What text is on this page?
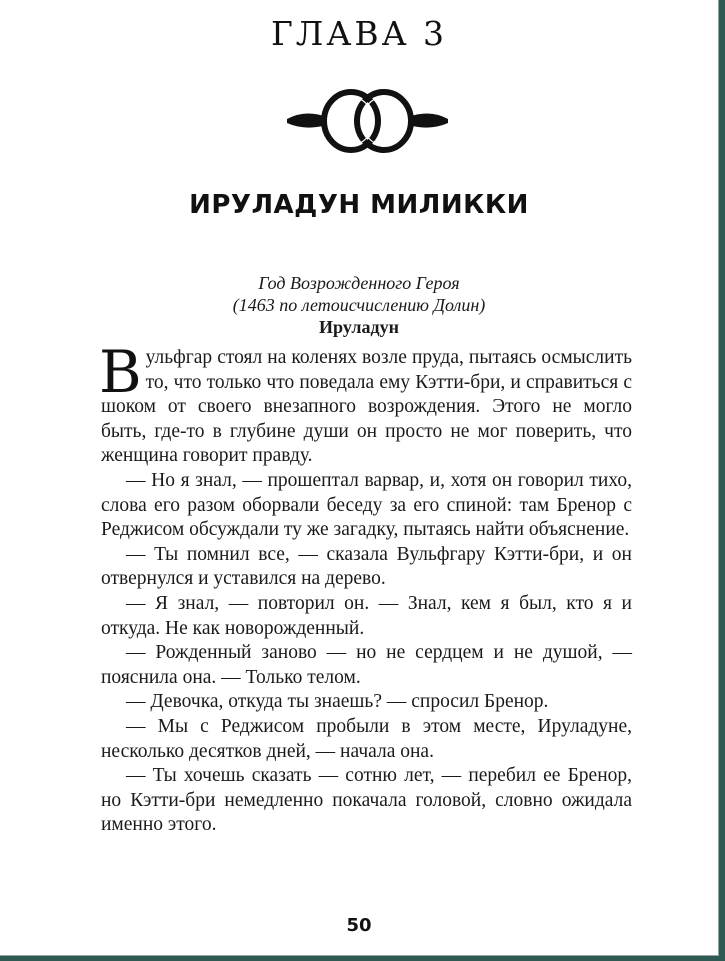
ГЛАВА 3
ИРУЛАДУН МИЛИККИ
Год Возрожденного Героя
(1463 по летоисчислению Долин)
Ируладун

Вульфгар стоял на коленях возле пруда, пытаясь осмыслить то, что только что поведала ему Кэтти-бри, и справиться с шоком от своего внезапного возрождения. Этого не могло быть, где-то в глубине души он просто не мог поверить, что женщина говорит правду.

— Но я знал, — прошептал варвар, и, хотя он говорил тихо, слова его разом оборвали беседу за его спиной: там Бренор с Реджисом обсуждали ту же загадку, пытаясь найти объяснение.

— Ты помнил все, — сказала Вульфгару Кэтти-бри, и он отвернулся и уставился на дерево.

— Я знал, — повторил он. — Знал, кем я был, кто я и откуда. Не как новорожденный.

— Рожденный заново — но не сердцем и не душой, — пояснила она. — Только телом.

— Девочка, откуда ты знаешь? — спросил Бренор.

— Мы с Реджисом пробыли в этом месте, Ируладуне, несколько десятков дней, — начала она.

— Ты хочешь сказать — сотню лет, — перебил ее Бренор, но Кэтти-бри немедленно покачала головой, словно ожидала именно этого.

50
